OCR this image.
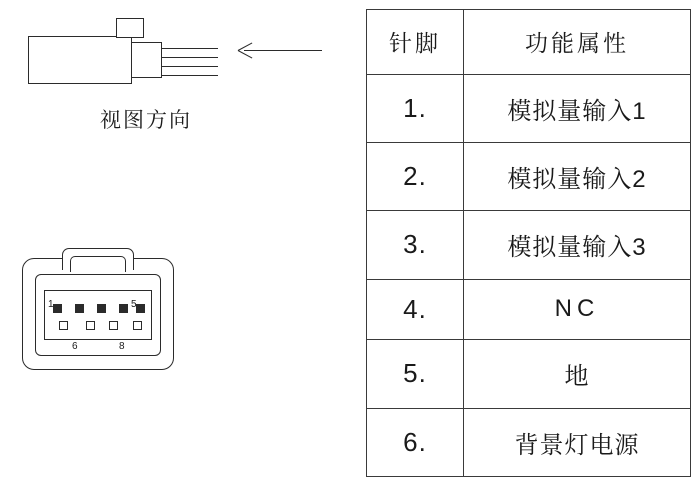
视图方向
1	5
6	8
针脚	功能属性
1.	模拟量输入1
2.	模拟量输入2
3.	模拟量输入3
4.	NC
5.	地
6.	背景灯电源
